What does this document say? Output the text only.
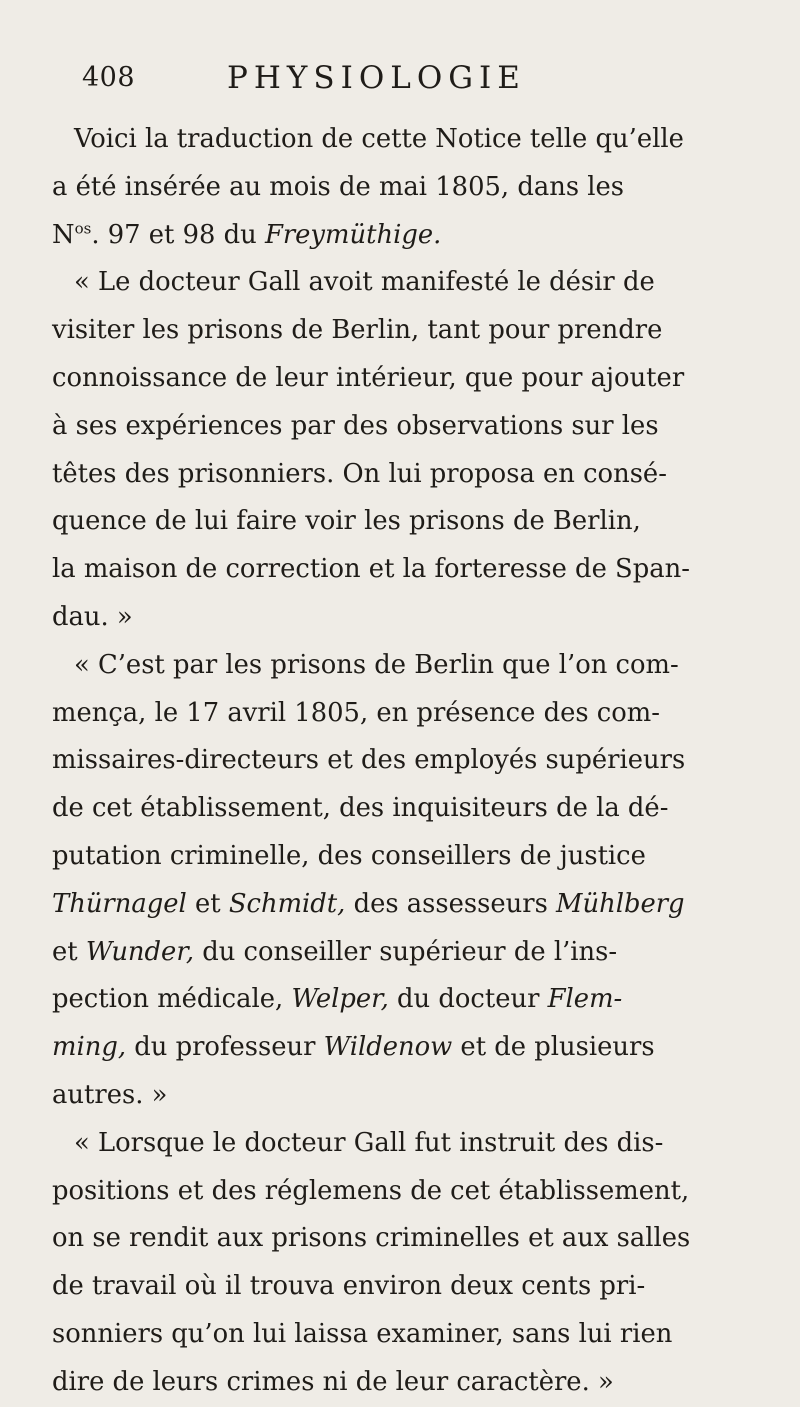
408	PHYSIOLOGIE
Voici la traduction de cette Notice telle qu’elle
a été insérée au mois de mai 1805, dans les
$N^{os}$. 97 et 98 du Freymüthige.
« Le docteur Gall avoit manifesté le désir de
visiter les prisons de Berlin, tant pour prendre
connoissance de leur intérieur, que pour ajouter
à ses expériences par des observations sur les
têtes des prisonniers. On lui proposa en consé-
quence de lui faire voir les prisons de Berlin,
la maison de correction et la forteresse de Span-
dau. »
« C’est par les prisons de Berlin que l’on com-
mença, le 17 avril 1805, en présence des com-
missaires-directeurs et des employés supérieurs
de cet établissement, des inquisiteurs de la dé-
putation criminelle, des conseillers de justice
Thürnagel et Schmidt, des assesseurs Mühlberg
et Wunder, du conseiller supérieur de l’ins-
pection médicale, Welper, du docteur Flem-
ming, du professeur Wildenow et de plusieurs
autres. »
« Lorsque le docteur Gall fut instruit des dis-
positions et des réglemens de cet établissement,
on se rendit aux prisons criminelles et aux salles
de travail où il trouva environ deux cents pri-
sonniers qu’on lui laissa examiner, sans lui rien
dire de leurs crimes ni de leur caractère. »
